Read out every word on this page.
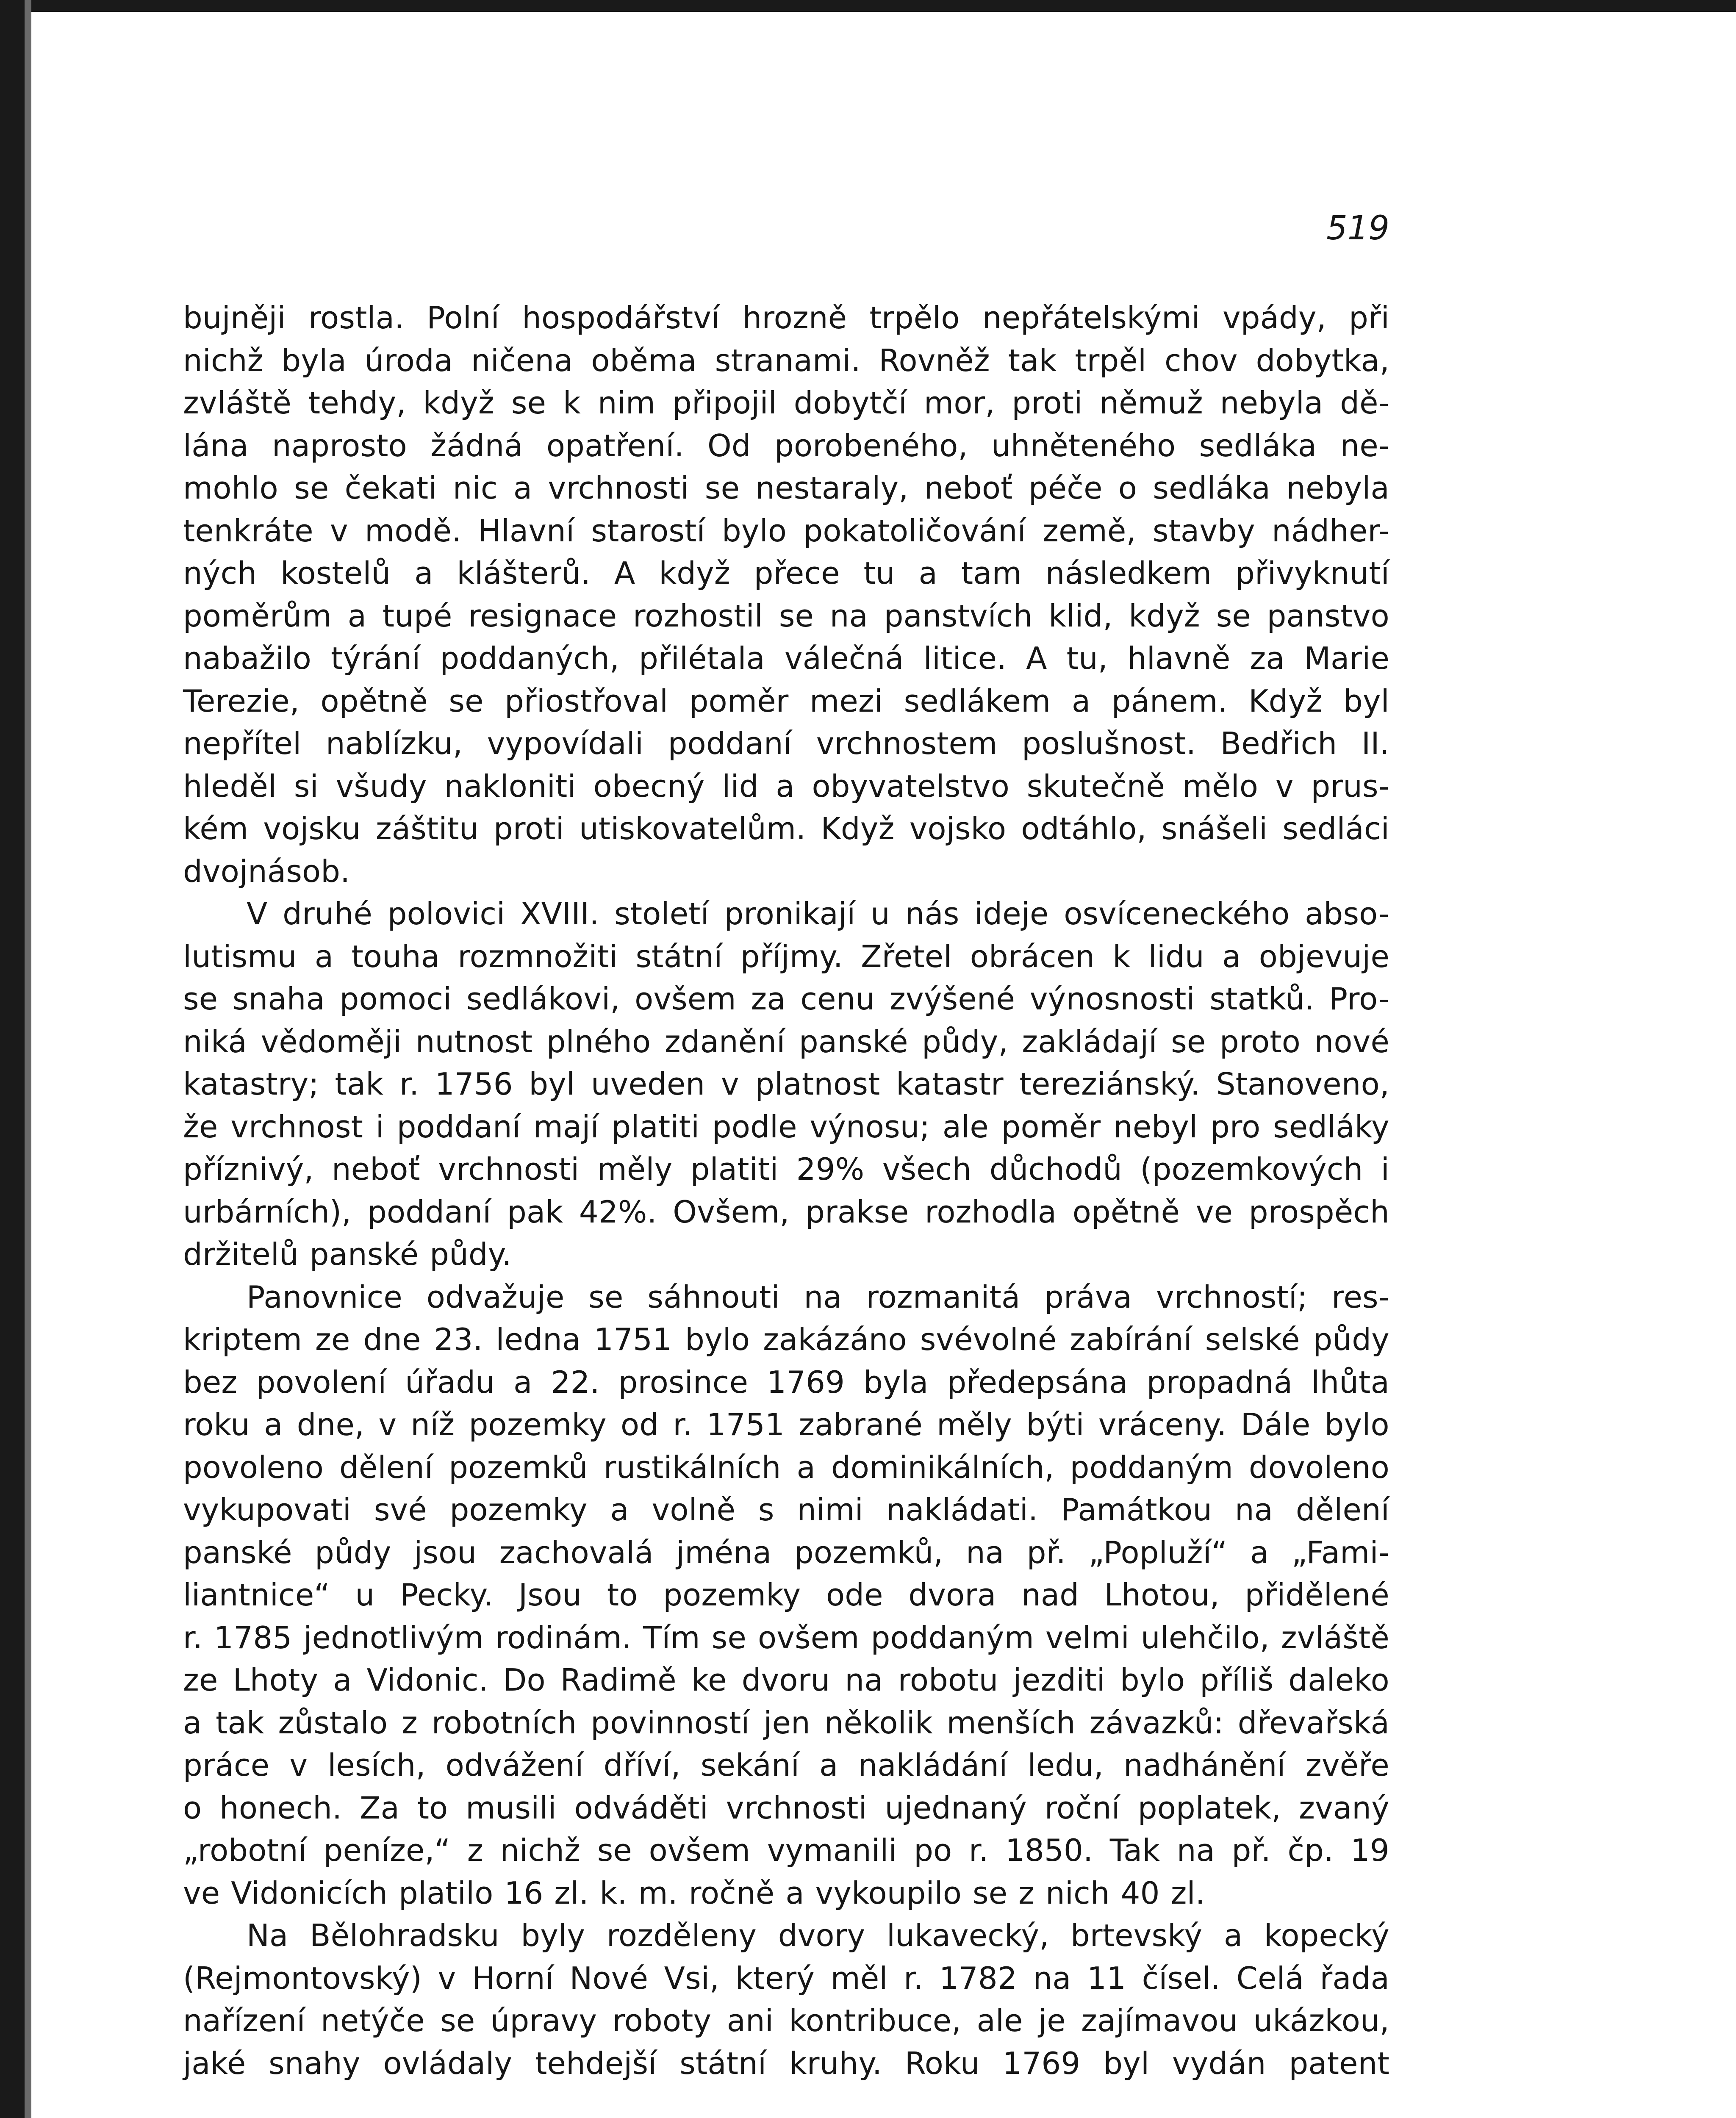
519
bujněji rostla. Polní hospodářství hrozně trpělo nepřátelskými vpády, při
nichž byla úroda ničena oběma stranami. Rovněž tak trpěl chov dobytka,
zvláště tehdy, když se k nim připojil dobytčí mor, proti němuž nebyla dě-
lána naprosto žádná opatření. Od porobeného, uhněteného sedláka ne-
mohlo se čekati nic a vrchnosti se nestaraly, neboť péče o sedláka nebyla
tenkráte v modě. Hlavní starostí bylo pokatoličování země, stavby nádher-
ných kostelů a klášterů. A když přece tu a tam následkem přivyknutí
poměrům a tupé resignace rozhostil se na panstvích klid, když se panstvo
nabažilo týrání poddaných, přilétala válečná litice. A tu, hlavně za Marie
Terezie, opětně se přiostřoval poměr mezi sedlákem a pánem. Když byl
nepřítel nablízku, vypovídali poddaní vrchnostem poslušnost. Bedřich II.
hleděl si všudy nakloniti obecný lid a obyvatelstvo skutečně mělo v prus-
kém vojsku záštitu proti utiskovatelům. Když vojsko odtáhlo, snášeli sedláci
dvojnásob.
V druhé polovici XVIII. století pronikají u nás ideje osvíceneckého abso-
lutismu a touha rozmnožiti státní příjmy. Zřetel obrácen k lidu a objevuje
se snaha pomoci sedlákovi, ovšem za cenu zvýšené výnosnosti statků. Pro-
niká vědoměji nutnost plného zdanění panské půdy, zakládají se proto nové
katastry; tak r. 1756 byl uveden v platnost katastr tereziánský. Stanoveno,
že vrchnost i poddaní mají platiti podle výnosu; ale poměr nebyl pro sedláky
příznivý, neboť vrchnosti měly platiti 29% všech důchodů (pozemkových i
urbárních), poddaní pak 42%. Ovšem, prakse rozhodla opětně ve prospěch
držitelů panské půdy.
Panovnice odvažuje se sáhnouti na rozmanitá práva vrchností; res-
kriptem ze dne 23. ledna 1751 bylo zakázáno svévolné zabírání selské půdy
bez povolení úřadu a 22. prosince 1769 byla předepsána propadná lhůta
roku a dne, v níž pozemky od r. 1751 zabrané měly býti vráceny. Dále bylo
povoleno dělení pozemků rustikálních a dominikálních, poddaným dovoleno
vykupovati své pozemky a volně s nimi nakládati. Památkou na dělení
panské půdy jsou zachovalá jména pozemků, na př. „Popluží“ a „Fami-
liantnice“ u Pecky. Jsou to pozemky ode dvora nad Lhotou, přidělené
r. 1785 jednotlivým rodinám. Tím se ovšem poddaným velmi ulehčilo, zvláště
ze Lhoty a Vidonic. Do Radimě ke dvoru na robotu jezditi bylo příliš daleko
a tak zůstalo z robotních povinností jen několik menších závazků: dřevařská
práce v lesích, odvážení dříví, sekání a nakládání ledu, nadhánění zvěře
o honech. Za to musili odváděti vrchnosti ujednaný roční poplatek, zvaný
„robotní peníze,“ z nichž se ovšem vymanili po r. 1850. Tak na př. čp. 19
ve Vidonicích platilo 16 zl. k. m. ročně a vykoupilo se z nich 40 zl.
Na Bělohradsku byly rozděleny dvory lukavecký, brtevský a kopecký
(Rejmontovský) v Horní Nové Vsi, který měl r. 1782 na 11 čísel. Celá řada
nařízení netýče se úpravy roboty ani kontribuce, ale je zajímavou ukázkou,
jaké snahy ovládaly tehdejší státní kruhy. Roku 1769 byl vydán patent
